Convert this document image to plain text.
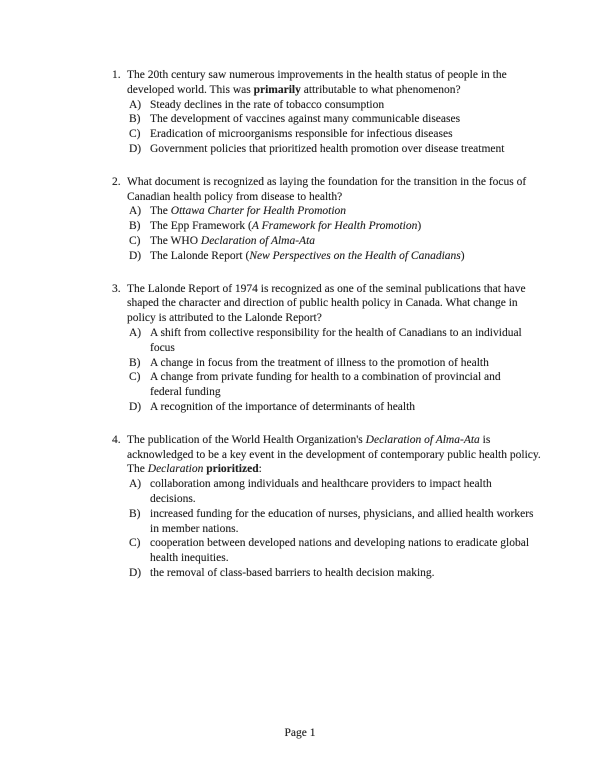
1. The 20th century saw numerous improvements in the health status of people in the developed world. This was primarily attributable to what phenomenon?

A) Steady declines in the rate of tobacco consumption

B) The development of vaccines against many communicable diseases

C) Eradication of microorganisms responsible for infectious diseases

D) Government policies that prioritized health promotion over disease treatment

2. What document is recognized as laying the foundation for the transition in the focus of Canadian health policy from disease to health?

A) The Ottawa Charter for Health Promotion

B) The Epp Framework (A Framework for Health Promotion)

C) The WHO Declaration of Alma-Ata

D) The Lalonde Report (New Perspectives on the Health of Canadians)

3. The Lalonde Report of 1974 is recognized as one of the seminal publications that have shaped the character and direction of public health policy in Canada. What change in policy is attributed to the Lalonde Report?

A) A shift from collective responsibility for the health of Canadians to an individual focus

B) A change in focus from the treatment of illness to the promotion of health

C) A change from private funding for health to a combination of provincial and federal funding

D) A recognition of the importance of determinants of health

4. The publication of the World Health Organization's Declaration of Alma-Ata is acknowledged to be a key event in the development of contemporary public health policy. The Declaration prioritized:

A) collaboration among individuals and healthcare providers to impact health decisions.

B) increased funding for the education of nurses, physicians, and allied health workers in member nations.

C) cooperation between developed nations and developing nations to eradicate global health inequities.

D) the removal of class-based barriers to health decision making.

Page 1
